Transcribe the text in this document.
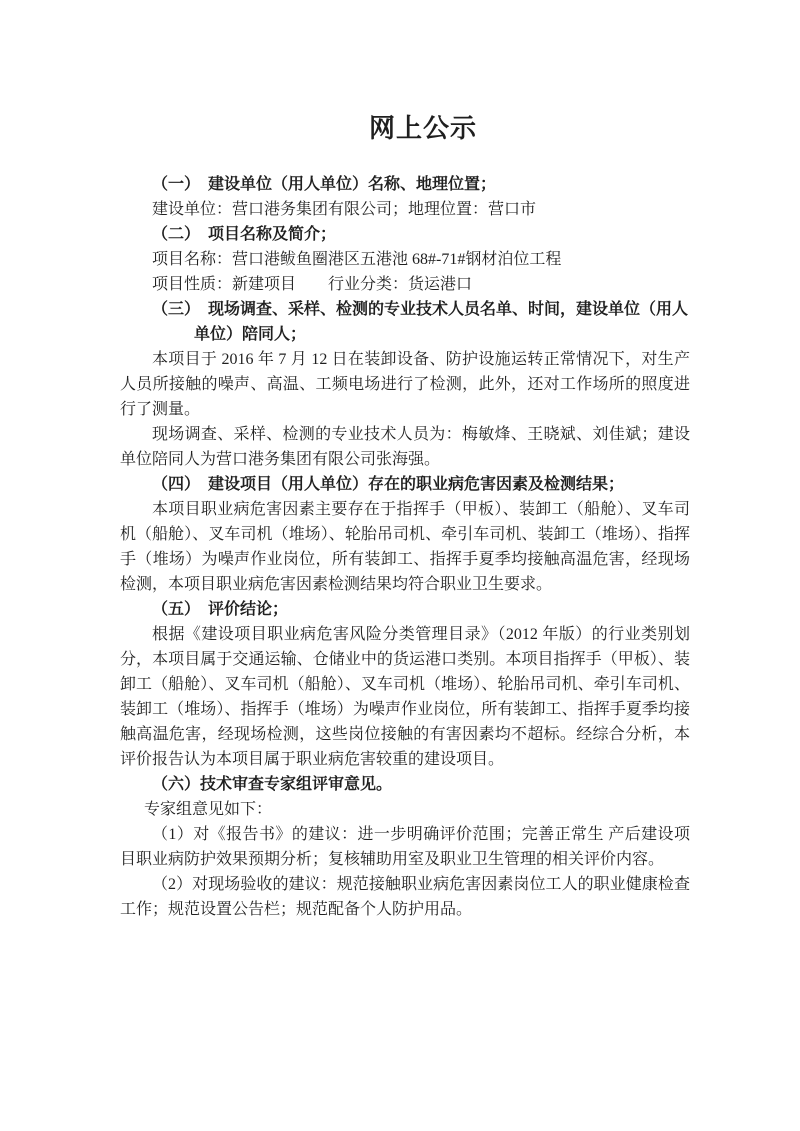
网上公示

（一）　建设单位（用人单位）名称、地理位置；

建设单位：营口港务集团有限公司；地理位置：营口市

（二）　项目名称及简介；

项目名称：营口港鲅鱼圈港区五港池 68#-71#钢材泊位工程

项目性质：新建项目　　行业分类：货运港口

（三）　现场调查、采样、检测的专业技术人员名单、时间，建设单位（用人

单位）陪同人；

本项目于 2016 年 7 月 12 日在装卸设备、防护设施运转正常情况下，对生产人员所接触的噪声、高温、工频电场进行了检测，此外，还对工作场所的照度进行了测量。

现场调查、采样、检测的专业技术人员为：梅敏烽、王晓斌、刘佳斌；建设单位陪同人为营口港务集团有限公司张海强。

（四）　建设项目（用人单位）存在的职业病危害因素及检测结果；

本项目职业病危害因素主要存在于指挥手（甲板）、装卸工（船舱）、叉车司机（船舱）、叉车司机（堆场）、轮胎吊司机、牵引车司机、装卸工（堆场）、指挥手（堆场）为噪声作业岗位，所有装卸工、指挥手夏季均接触高温危害，经现场检测，本项目职业病危害因素检测结果均符合职业卫生要求。

（五）　评价结论；

根据《建设项目职业病危害风险分类管理目录》（2012 年版）的行业类别划分，本项目属于交通运输、仓储业中的货运港口类别。本项目指挥手（甲板）、装卸工（船舱）、叉车司机（船舱）、叉车司机（堆场）、轮胎吊司机、牵引车司机、装卸工（堆场）、指挥手（堆场）为噪声作业岗位，所有装卸工、指挥手夏季均接触高温危害，经现场检测，这些岗位接触的有害因素均不超标。经综合分析，本评价报告认为本项目属于职业病危害较重的建设项目。

（六）技术审查专家组评审意见。

专家组意见如下：

（1）对《报告书》的建议：进一步明确评价范围；完善正常生 产后建设项目职业病防护效果预期分析；复核辅助用室及职业卫生管理的相关评价内容。

（2）对现场验收的建议：规范接触职业病危害因素岗位工人的职业健康检查工作；规范设置公告栏；规范配备个人防护用品。
